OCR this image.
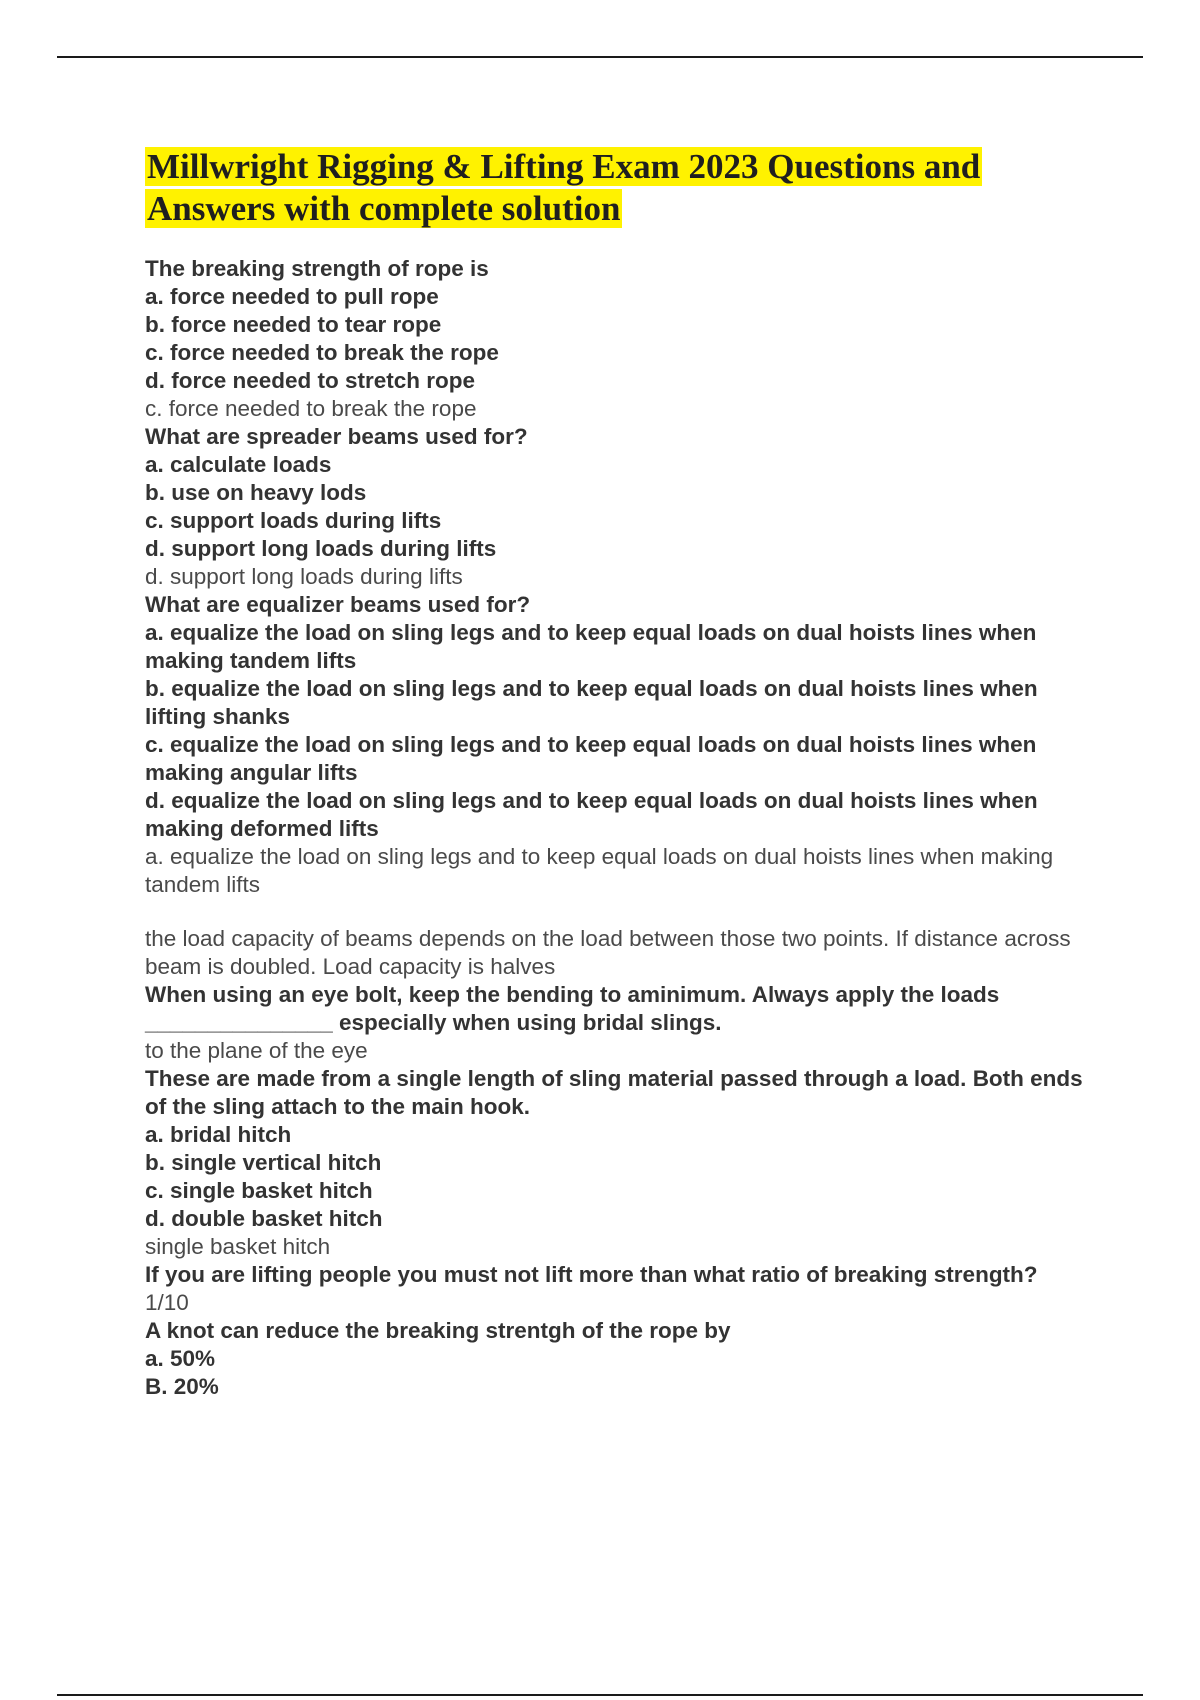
Millwright Rigging & Lifting Exam 2023 Questions and Answers with complete solution

The breaking strength of rope is

a. force needed to pull rope

b. force needed to tear rope

c. force needed to break the rope

d. force needed to stretch rope

c. force needed to break the rope

What are spreader beams used for?

a. calculate loads

b. use on heavy lods

c. support loads during lifts

d. support long loads during lifts

d. support long loads during lifts

What are equalizer beams used for?

a. equalize the load on sling legs and to keep equal loads on dual hoists lines when making tandem lifts

b. equalize the load on sling legs and to keep equal loads on dual hoists lines when lifting shanks

c. equalize the load on sling legs and to keep equal loads on dual hoists lines when making angular lifts

d. equalize the load on sling legs and to keep equal loads on dual hoists lines when making deformed lifts

a. equalize the load on sling legs and to keep equal loads on dual hoists lines when making tandem lifts

the load capacity of beams depends on the load between those two points. If distance across beam is doubled. Load capacity is halves

When using an eye bolt, keep the bending to aminimum. Always apply the loads _______________ especially when using bridal slings.

to the plane of the eye

These are made from a single length of sling material passed through a load. Both ends of the sling attach to the main hook.

a. bridal hitch

b. single vertical hitch

c. single basket hitch

d. double basket hitch

single basket hitch

If you are lifting people you must not lift more than what ratio of breaking strength?

1/10

A knot can reduce the breaking strentgh of the rope by

a. 50%

B. 20%
